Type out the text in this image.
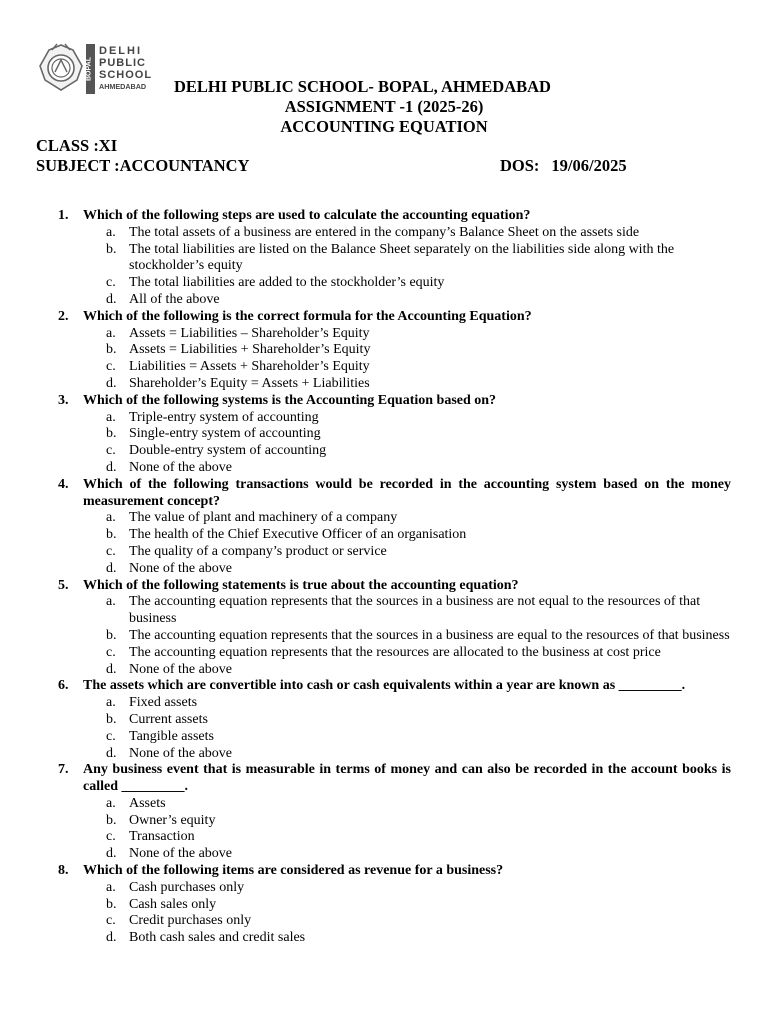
BOPAL
DELHI
PUBLIC
SCHOOL
AHMEDABAD DELHI PUBLIC SCHOOL- BOPAL, AHMEDABAD
ASSIGNMENT -1 (2025-26)
ACCOUNTING EQUATION
CLASS :XI
SUBJECT :ACCOUNTANCY	DOS: 19/06/2025
1. Which of the following steps are used to calculate the accounting equation?
a. The total assets of a business are entered in the company’s Balance Sheet on the assets side
b. The total liabilities are listed on the Balance Sheet separately on the liabilities side along with the stockholder’s equity
c. The total liabilities are added to the stockholder’s equity
d. All of the above
2. Which of the following is the correct formula for the Accounting Equation?
a. Assets = Liabilities – Shareholder’s Equity
b. Assets = Liabilities + Shareholder’s Equity
c. Liabilities = Assets + Shareholder’s Equity
d. Shareholder’s Equity = Assets + Liabilities
3. Which of the following systems is the Accounting Equation based on?
a. Triple-entry system of accounting
b. Single-entry system of accounting
c. Double-entry system of accounting
d. None of the above
4. Which of the following transactions would be recorded in the accounting system based on the money measurement concept?
a. The value of plant and machinery of a company
b. The health of the Chief Executive Officer of an organisation
c. The quality of a company’s product or service
d. None of the above
5. Which of the following statements is true about the accounting equation?
a. The accounting equation represents that the sources in a business are not equal to the resources of that business
b. The accounting equation represents that the sources in a business are equal to the resources of that business
c. The accounting equation represents that the resources are allocated to the business at cost price
d. None of the above
6. The assets which are convertible into cash or cash equivalents within a year are known as _________.
a. Fixed assets
b. Current assets
c. Tangible assets
d. None of the above
7. Any business event that is measurable in terms of money and can also be recorded in the account books is called _________.
a. Assets
b. Owner’s equity
c. Transaction
d. None of the above
8. Which of the following items are considered as revenue for a business?
a. Cash purchases only
b. Cash sales only
c. Credit purchases only
d. Both cash sales and credit sales
